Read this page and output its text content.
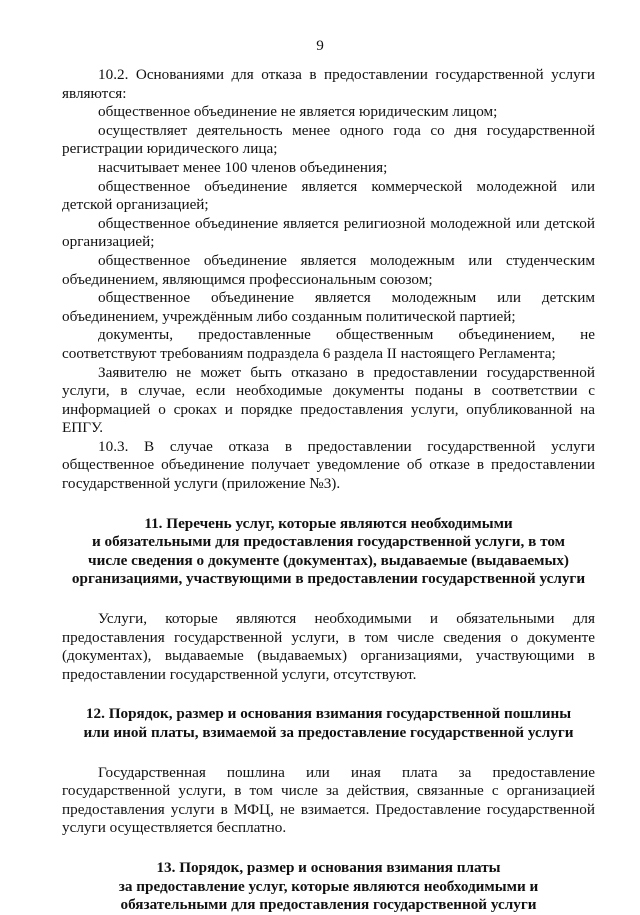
9

10.2. Основаниями для отказа в предоставлении государственной услуги являются:

общественное объединение не является юридическим лицом;

осуществляет деятельность менее одного года со дня государственной регистрации юридического лица;

насчитывает менее 100 членов объединения;

общественное объединение является коммерческой молодежной или детской организацией;

общественное объединение является религиозной молодежной или детской организацией;

общественное объединение является молодежным или студенческим объединением, являющимся профессиональным союзом;

общественное объединение является молодежным или детским объединением, учреждённым либо созданным политической партией;

документы, предоставленные общественным объединением, не соответствуют требованиям подраздела 6 раздела II настоящего Регламента;

Заявителю не может быть отказано в предоставлении государственной услуги, в случае, если необходимые документы поданы в соответствии с информацией о сроках и порядке предоставления услуги, опубликованной на ЕПГУ.

10.3. В случае отказа в предоставлении государственной услуги общественное объединение получает уведомление об отказе в предоставлении государственной услуги (приложение №3).

11. Перечень услуг, которые являются необходимыми

и обязательными для предоставления государственной услуги, в том

числе сведения о документе (документах), выдаваемые (выдаваемых)

организациями, участвующими в предоставлении государственной услуги

Услуги, которые являются необходимыми и обязательными для предоставления государственной услуги, в том числе сведения о документе (документах), выдаваемые (выдаваемых) организациями, участвующими в предоставлении государственной услуги, отсутствуют.

12. Порядок, размер и основания взимания государственной пошлины

или иной платы, взимаемой за предоставление государственной услуги

Государственная пошлина или иная плата за предоставление государственной услуги, в том числе за действия, связанные с организацией предоставления услуги в МФЦ, не взимается. Предоставление государственной услуги осуществляется бесплатно.

13. Порядок, размер и основания взимания платы

за предоставление услуг, которые являются необходимыми и

обязательными для предоставления государственной услуги
